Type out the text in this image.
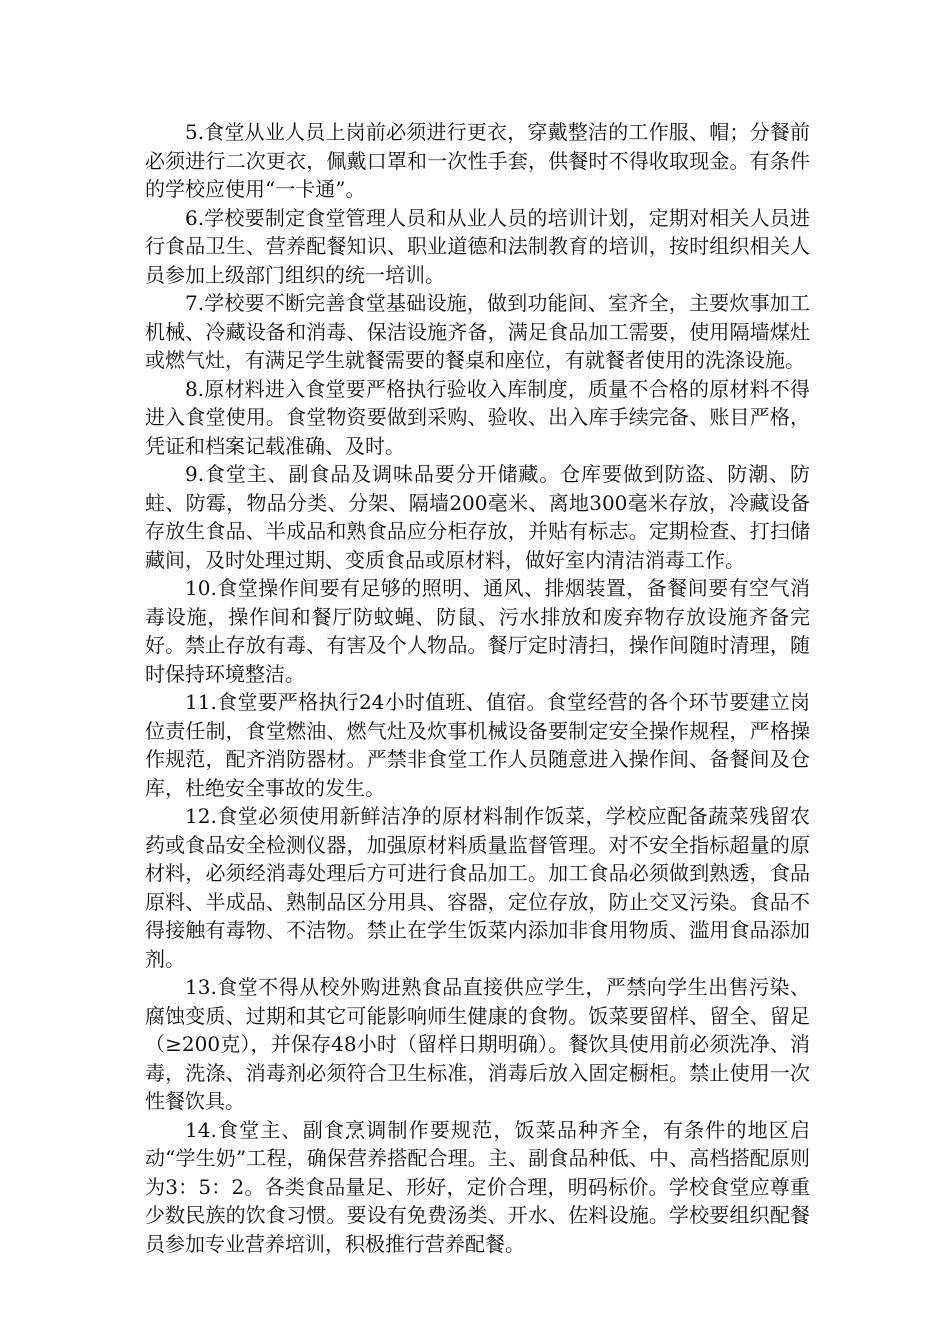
5.食堂从业人员上岗前必须进行更衣，穿戴整洁的工作服、帽；分餐前必须进行二次更衣，佩戴口罩和一次性手套，供餐时不得收取现金。有条件的学校应使用“一卡通”。

6.学校要制定食堂管理人员和从业人员的培训计划，定期对相关人员进行食品卫生、营养配餐知识、职业道德和法制教育的培训，按时组织相关人员参加上级部门组织的统一培训。

7.学校要不断完善食堂基础设施，做到功能间、室齐全，主要炊事加工机械、冷藏设备和消毒、保洁设施齐备，满足食品加工需要，使用隔墙煤灶或燃气灶，有满足学生就餐需要的餐桌和座位，有就餐者使用的洗涤设施。

8.原材料进入食堂要严格执行验收入库制度，质量不合格的原材料不得进入食堂使用。食堂物资要做到采购、验收、出入库手续完备、账目严格，凭证和档案记载准确、及时。

9.食堂主、副食品及调味品要分开储藏。仓库要做到防盗、防潮、防蛀、防霉，物品分类、分架、隔墙200毫米、离地300毫米存放，冷藏设备存放生食品、半成品和熟食品应分柜存放，并贴有标志。定期检查、打扫储藏间，及时处理过期、变质食品或原材料，做好室内清洁消毒工作。

10.食堂操作间要有足够的照明、通风、排烟装置，备餐间要有空气消毒设施，操作间和餐厅防蚊蝇、防鼠、污水排放和废弃物存放设施齐备完好。禁止存放有毒、有害及个人物品。餐厅定时清扫，操作间随时清理，随时保持环境整洁。

11.食堂要严格执行24小时值班、值宿。食堂经营的各个环节要建立岗位责任制，食堂燃油、燃气灶及炊事机械设备要制定安全操作规程，严格操作规范，配齐消防器材。严禁非食堂工作人员随意进入操作间、备餐间及仓库，杜绝安全事故的发生。

12.食堂必须使用新鲜洁净的原材料制作饭菜，学校应配备蔬菜残留农药或食品安全检测仪器，加强原材料质量监督管理。对不安全指标超量的原材料，必须经消毒处理后方可进行食品加工。加工食品必须做到熟透，食品原料、半成品、熟制品区分用具、容器，定位存放，防止交叉污染。食品不得接触有毒物、不洁物。禁止在学生饭菜内添加非食用物质、滥用食品添加剂。

13.食堂不得从校外购进熟食品直接供应学生，严禁向学生出售污染、腐蚀变质、过期和其它可能影响师生健康的食物。饭菜要留样、留全、留足（≥200克），并保存48小时（留样日期明确）。餐饮具使用前必须洗净、消毒，洗涤、消毒剂必须符合卫生标准，消毒后放入固定橱柜。禁止使用一次性餐饮具。

14.食堂主、副食烹调制作要规范，饭菜品种齐全，有条件的地区启动“学生奶”工程，确保营养搭配合理。主、副食品种低、中、高档搭配原则为3：5：2。各类食品量足、形好，定价合理，明码标价。学校食堂应尊重少数民族的饮食习惯。要设有免费汤类、开水、佐料设施。学校要组织配餐员参加专业营养培训，积极推行营养配餐。
